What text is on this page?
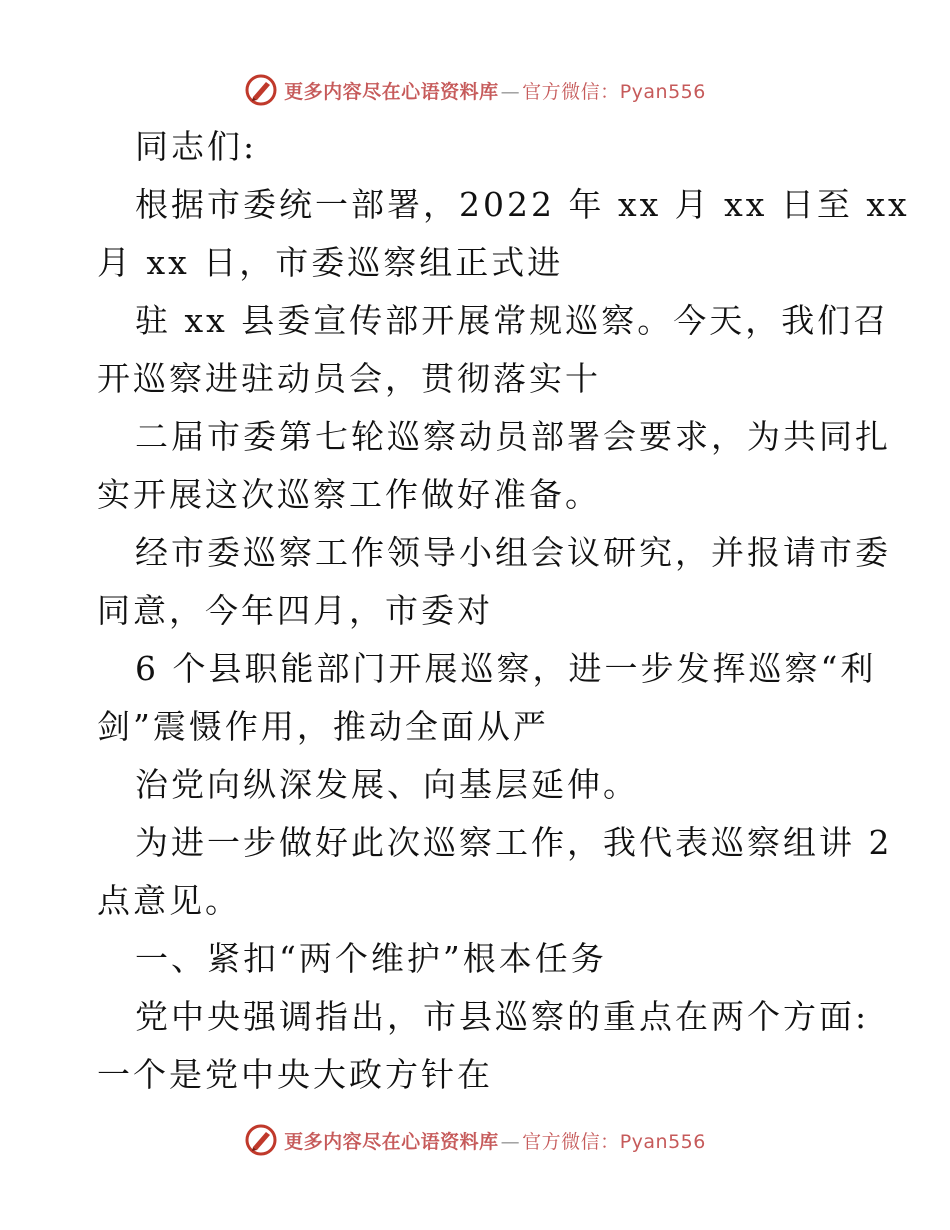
更多内容尽在心语资料库 — 官方微信：Pyan556
同志们:
根据市委统一部署，2022 年 xx 月 xx 日至 xx
月 xx 日，市委巡察组正式进
驻 xx 县委宣传部开展常规巡察。今天，我们召
开巡察进驻动员会，贯彻落实十
二届市委第七轮巡察动员部署会要求，为共同扎
实开展这次巡察工作做好准备。
经市委巡察工作领导小组会议研究，并报请市委
同意，今年四月，市委对
6 个县职能部门开展巡察，进一步发挥巡察“利
剑”震慑作用，推动全面从严
治党向纵深发展、向基层延伸。
为进一步做好此次巡察工作，我代表巡察组讲 2
点意见。
一、紧扣“两个维护”根本任务
党中央强调指出，市县巡察的重点在两个方面:
一个是党中央大政方针在
更多内容尽在心语资料库 — 官方微信：Pyan556
